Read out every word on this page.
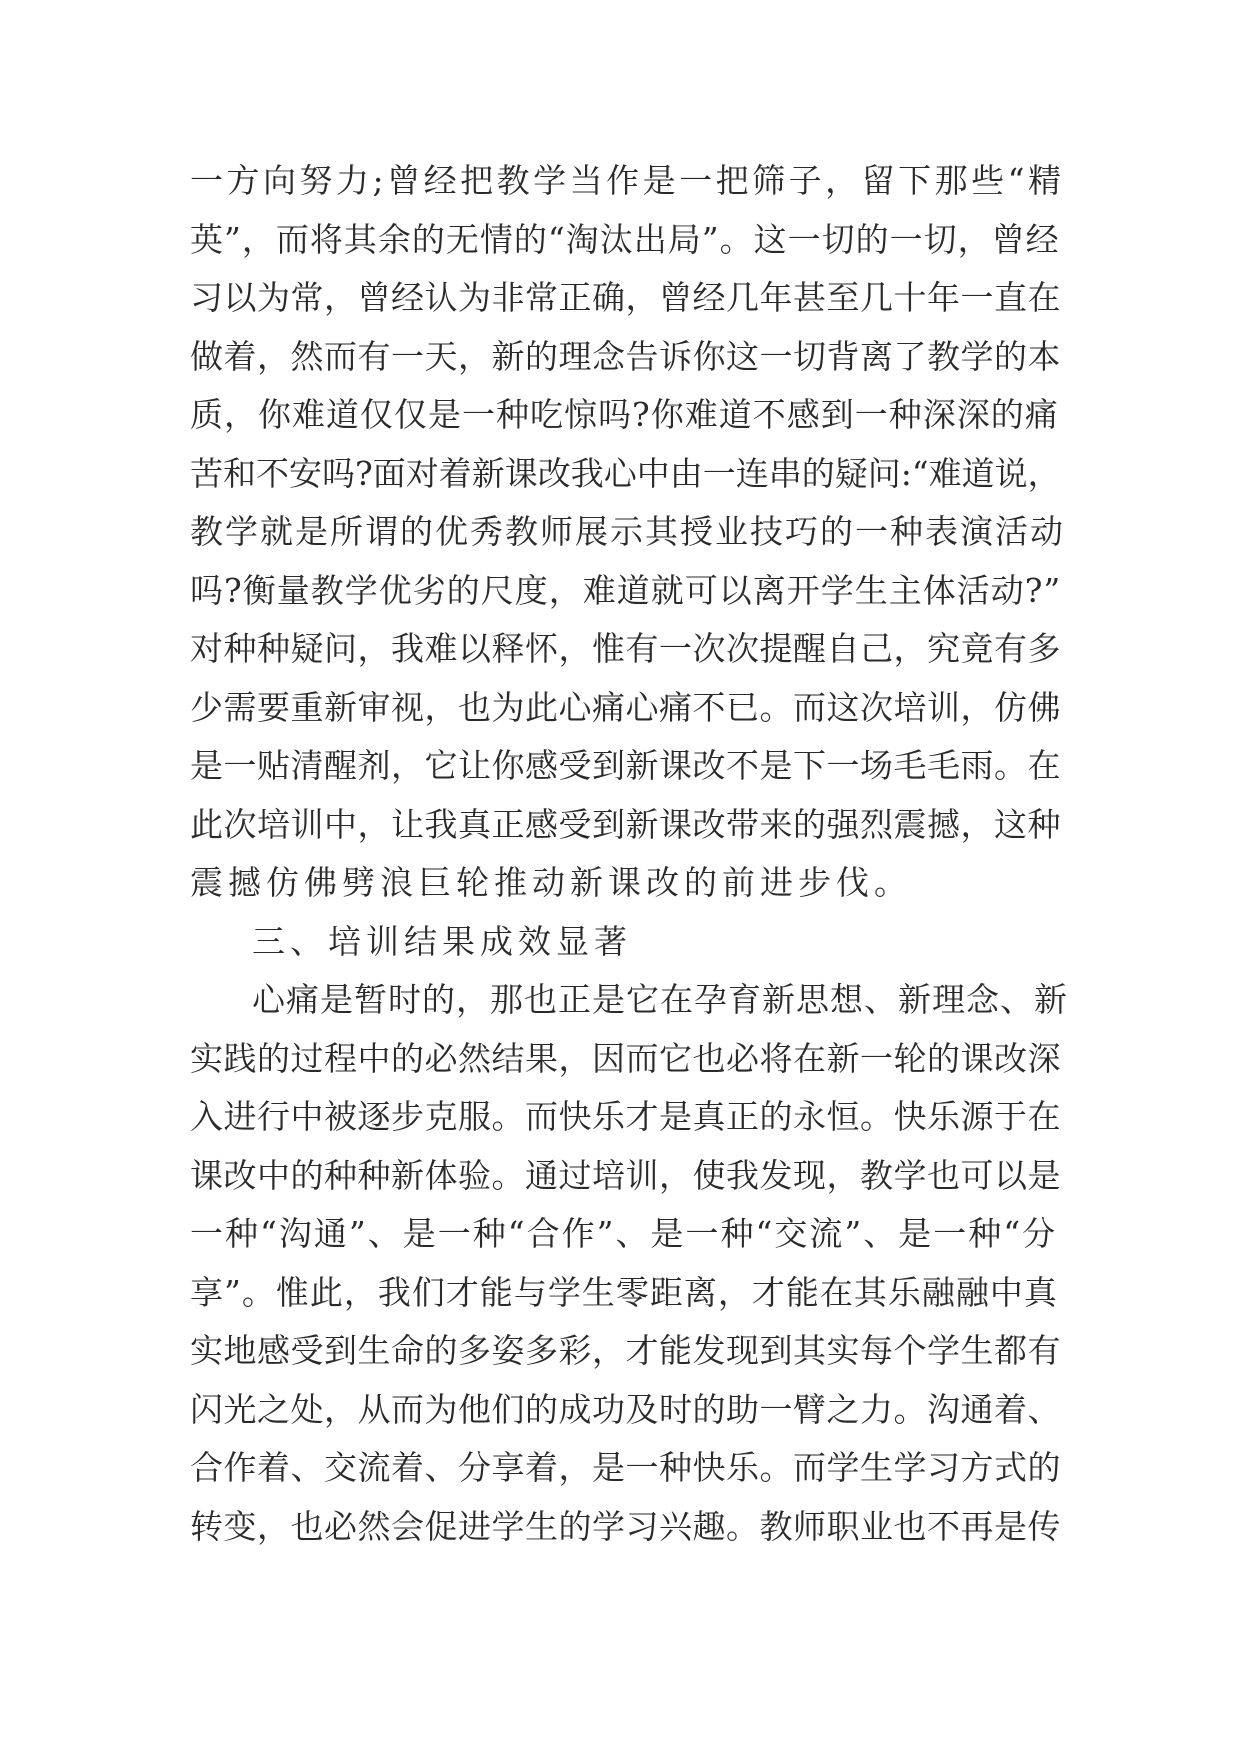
一方向努力;曾经把教学当作是一把筛子，留下那些“精
英”，而将其余的无情的“淘汰出局”。这一切的一切，曾经
习以为常，曾经认为非常正确，曾经几年甚至几十年一直在
做着，然而有一天，新的理念告诉你这一切背离了教学的本
质，你难道仅仅是一种吃惊吗?你难道不感到一种深深的痛
苦和不安吗?面对着新课改我心中由一连串的疑问:“难道说，
教学就是所谓的优秀教师展示其授业技巧的一种表演活动
吗?衡量教学优劣的尺度，难道就可以离开学生主体活动?”
对种种疑问，我难以释怀，惟有一次次提醒自己，究竟有多
少需要重新审视，也为此心痛心痛不已。而这次培训，仿佛
是一贴清醒剂，它让你感受到新课改不是下一场毛毛雨。在
此次培训中，让我真正感受到新课改带来的强烈震撼，这种
震撼仿佛劈浪巨轮推动新课改的前进步伐。
三、培训结果成效显著
心痛是暂时的，那也正是它在孕育新思想、新理念、新
实践的过程中的必然结果，因而它也必将在新一轮的课改深
入进行中被逐步克服。而快乐才是真正的永恒。快乐源于在
课改中的种种新体验。通过培训，使我发现，教学也可以是
一种“沟通”、是一种“合作”、是一种“交流”、是一种“分
享”。惟此，我们才能与学生零距离，才能在其乐融融中真
实地感受到生命的多姿多彩，才能发现到其实每个学生都有
闪光之处，从而为他们的成功及时的助一臂之力。沟通着、
合作着、交流着、分享着，是一种快乐。而学生学习方式的
转变，也必然会促进学生的学习兴趣。教师职业也不再是传
